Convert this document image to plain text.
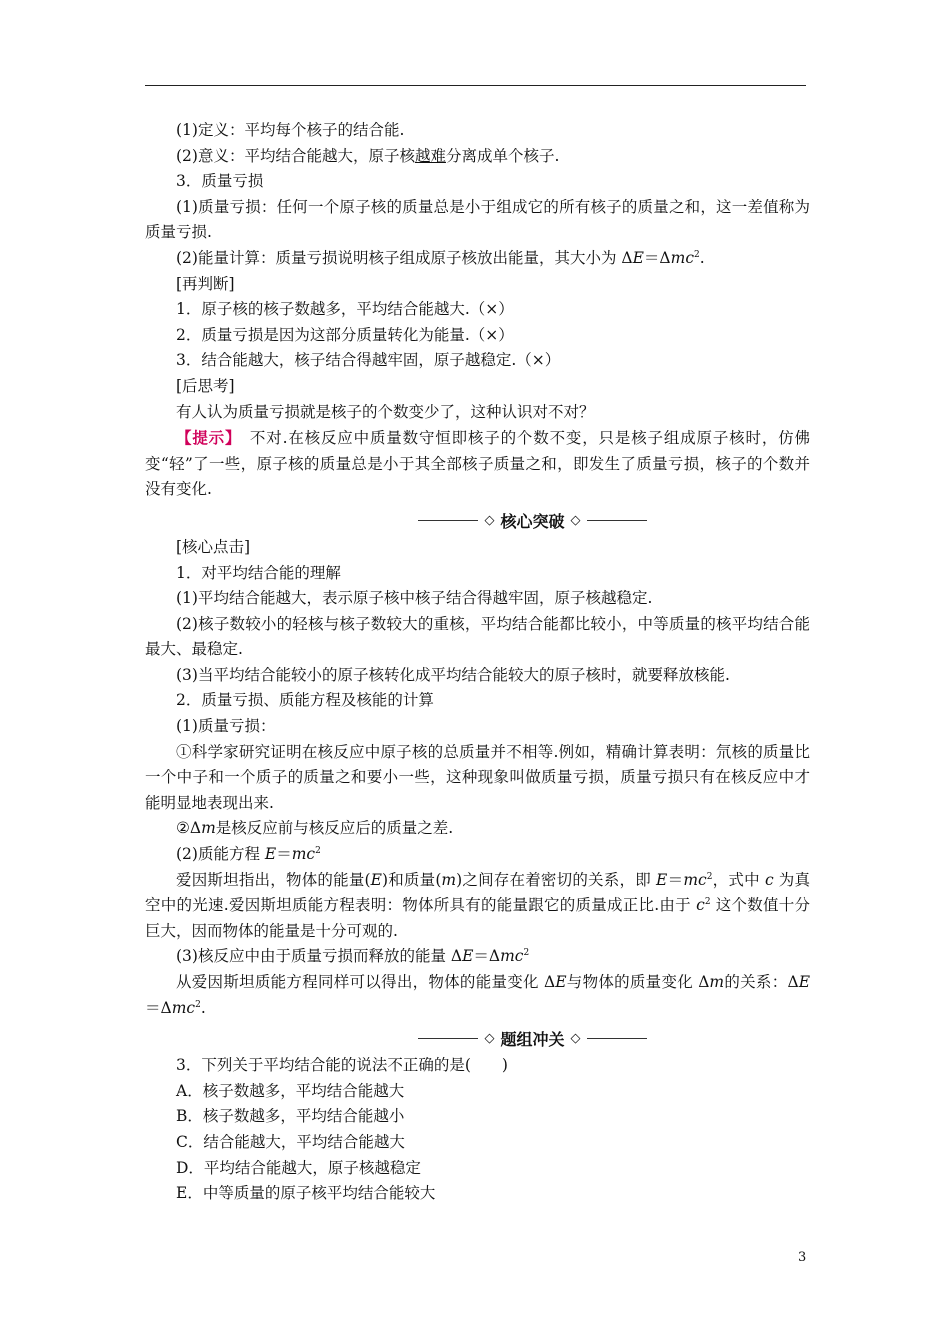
(1)定义：平均每个核子的结合能.

(2)意义：平均结合能越大，原子核越难分离成单个核子.

3．质量亏损

(1)质量亏损：任何一个原子核的质量总是小于组成它的所有核子的质量之和，这一差值称为质量亏损.

(2)能量计算：质量亏损说明核子组成原子核放出能量，其大小为 ΔE＝Δmc$^2$.

[再判断]

1．原子核的核子数越多，平均结合能越大.（×）

2．质量亏损是因为这部分质量转化为能量.（×）

3．结合能越大，核子结合得越牢固，原子越稳定.（×）

[后思考]

有人认为质量亏损就是核子的个数变少了，这种认识对不对？

【提示】　不对.在核反应中质量数守恒即核子的个数不变，只是核子组成原子核时，仿佛变“轻”了一些，原子核的质量总是小于其全部核子质量之和，即发生了质量亏损，核子的个数并没有变化.

◇ 核心突破 ◇

[核心点击]

1．对平均结合能的理解

(1)平均结合能越大，表示原子核中核子结合得越牢固，原子核越稳定.

(2)核子数较小的轻核与核子数较大的重核，平均结合能都比较小，中等质量的核平均结合能最大、最稳定.

(3)当平均结合能较小的原子核转化成平均结合能较大的原子核时，就要释放核能.

2．质量亏损、质能方程及核能的计算

(1)质量亏损：

①科学家研究证明在核反应中原子核的总质量并不相等.例如，精确计算表明：氘核的质量比一个中子和一个质子的质量之和要小一些，这种现象叫做质量亏损，质量亏损只有在核反应中才能明显地表现出来.

②Δm是核反应前与核反应后的质量之差.

(2)质能方程 $E=mc^2$

爱因斯坦指出，物体的能量(E)和质量(m)之间存在着密切的关系，即 $E=mc^2$，式中 c 为真空中的光速.爱因斯坦质能方程表明：物体所具有的能量跟它的质量成正比.由于 $c^2$ 这个数值十分巨大，因而物体的能量是十分可观的.

(3)核反应中由于质量亏损而释放的能量 ΔE＝Δmc$^2$

从爱因斯坦质能方程同样可以得出，物体的能量变化 ΔE与物体的质量变化 Δm的关系：ΔE＝Δmc$^2$.

◇ 题组冲关 ◇

3．下列关于平均结合能的说法不正确的是(　　)

A．核子数越多，平均结合能越大

B．核子数越多，平均结合能越小

C．结合能越大，平均结合能越大

D．平均结合能越大，原子核越稳定

E．中等质量的原子核平均结合能较大

3
